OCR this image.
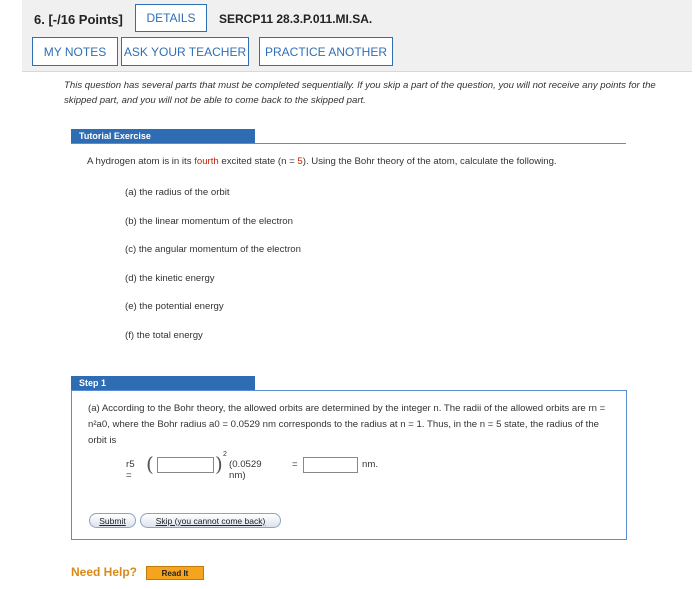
6. [-/16 Points]	DETAILS	SERCP11 28.3.P.011.MI.SA.
MY NOTES	ASK YOUR TEACHER	PRACTICE ANOTHER
This question has several parts that must be completed sequentially. If you skip a part of the question, you will not receive any points for the skipped part, and you will not be able to come back to the skipped part.
Tutorial Exercise
A hydrogen atom is in its fourth excited state (n = 5). Using the Bohr theory of the atom, calculate the following.
(a) the radius of the orbit
(b) the linear momentum of the electron
(c) the angular momentum of the electron
(d) the kinetic energy
(e) the potential energy
(f) the total energy
Step 1
(a) According to the Bohr theory, the allowed orbits are determined by the integer n. The radii of the allowed orbits are rn = n²a0, where the Bohr radius a0 = 0.0529 nm corresponds to the radius at n = 1. Thus, in the n = 5 state, the radius of the orbit is
r5 = (	) 2
(0.0529 nm)
=	nm.
Submit	Skip (you cannot come back)
Need Help?	Read It
